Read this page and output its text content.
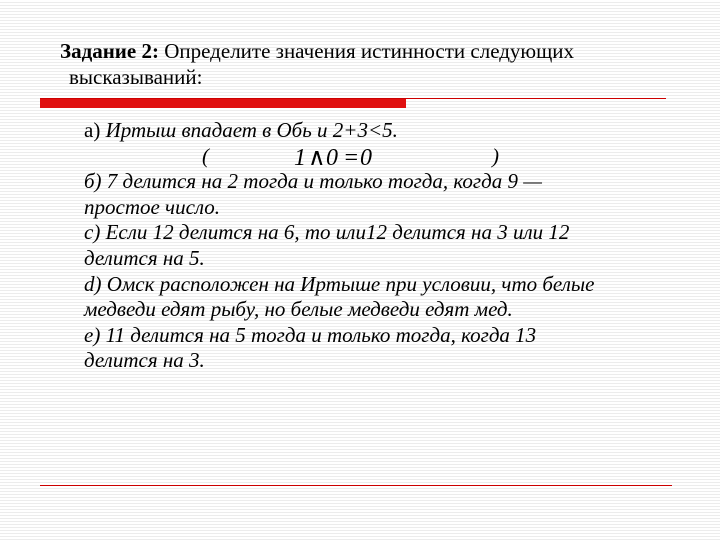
Задание 2: Определите значения истинности следующих
высказываний:
а) Иртыш впадает в Обь и 2+3<5.
(	1 ∧ 0 = 0	)
б) 7 делится на 2 тогда и только тогда, когда 9 —
простое число.
c) Если 12 делится на 6, то или12 делится на 3 или 12
делится на 5.
d) Омск расположен на Иртыше при условии, что белые
медведи едят рыбу, но белые медведи едят мед.
e) 11 делится на 5 тогда и только тогда, когда 13
делится на 3.
